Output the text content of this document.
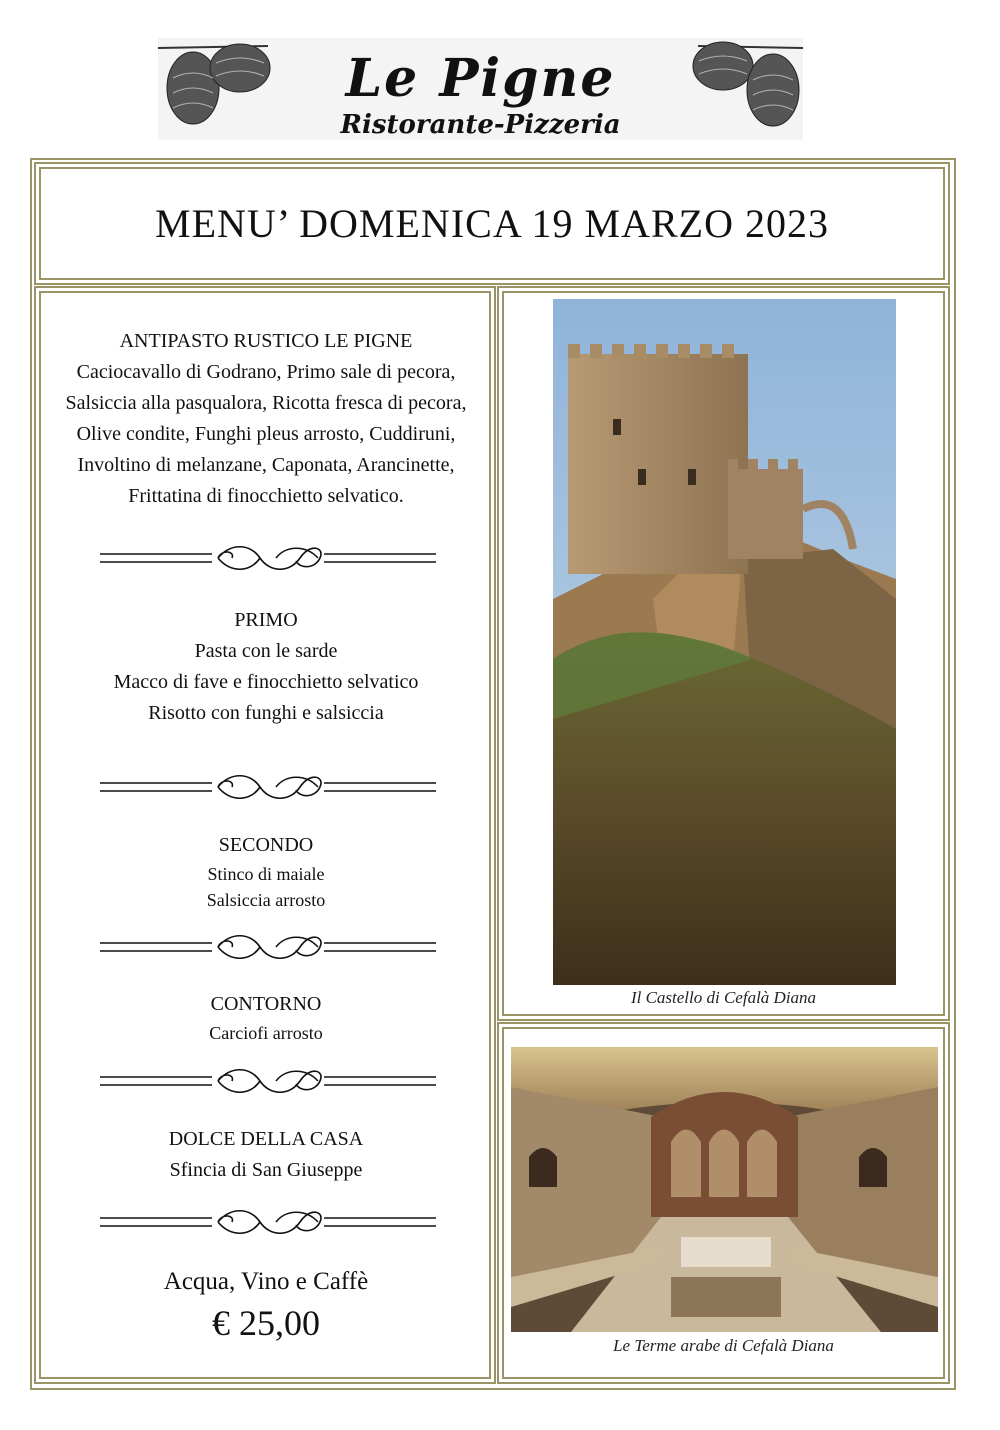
Le Pigne
Ristorante-Pizzeria
MENU’ DOMENICA 19 MARZO 2023
ANTIPASTO RUSTICO LE PIGNE
Caciocavallo di Godrano, Primo sale di pecora,
Salsiccia alla pasqualora, Ricotta fresca di pecora,
Olive condite, Funghi pleus arrosto, Cuddiruni,
Involtino di melanzane, Caponata, Arancinette,
Frittatina di finocchietto selvatico.
PRIMO
Pasta con le sarde
Macco di fave e finocchietto selvatico
Risotto con funghi e salsiccia
SECONDO
Stinco di maiale
Salsiccia arrosto
CONTORNO
Carciofi arrosto
DOLCE DELLA CASA
Sfincia di San Giuseppe
Acqua, Vino e Caffè
€ 25,00
Il Castello di Cefalà Diana
Le Terme arabe di Cefalà Diana
